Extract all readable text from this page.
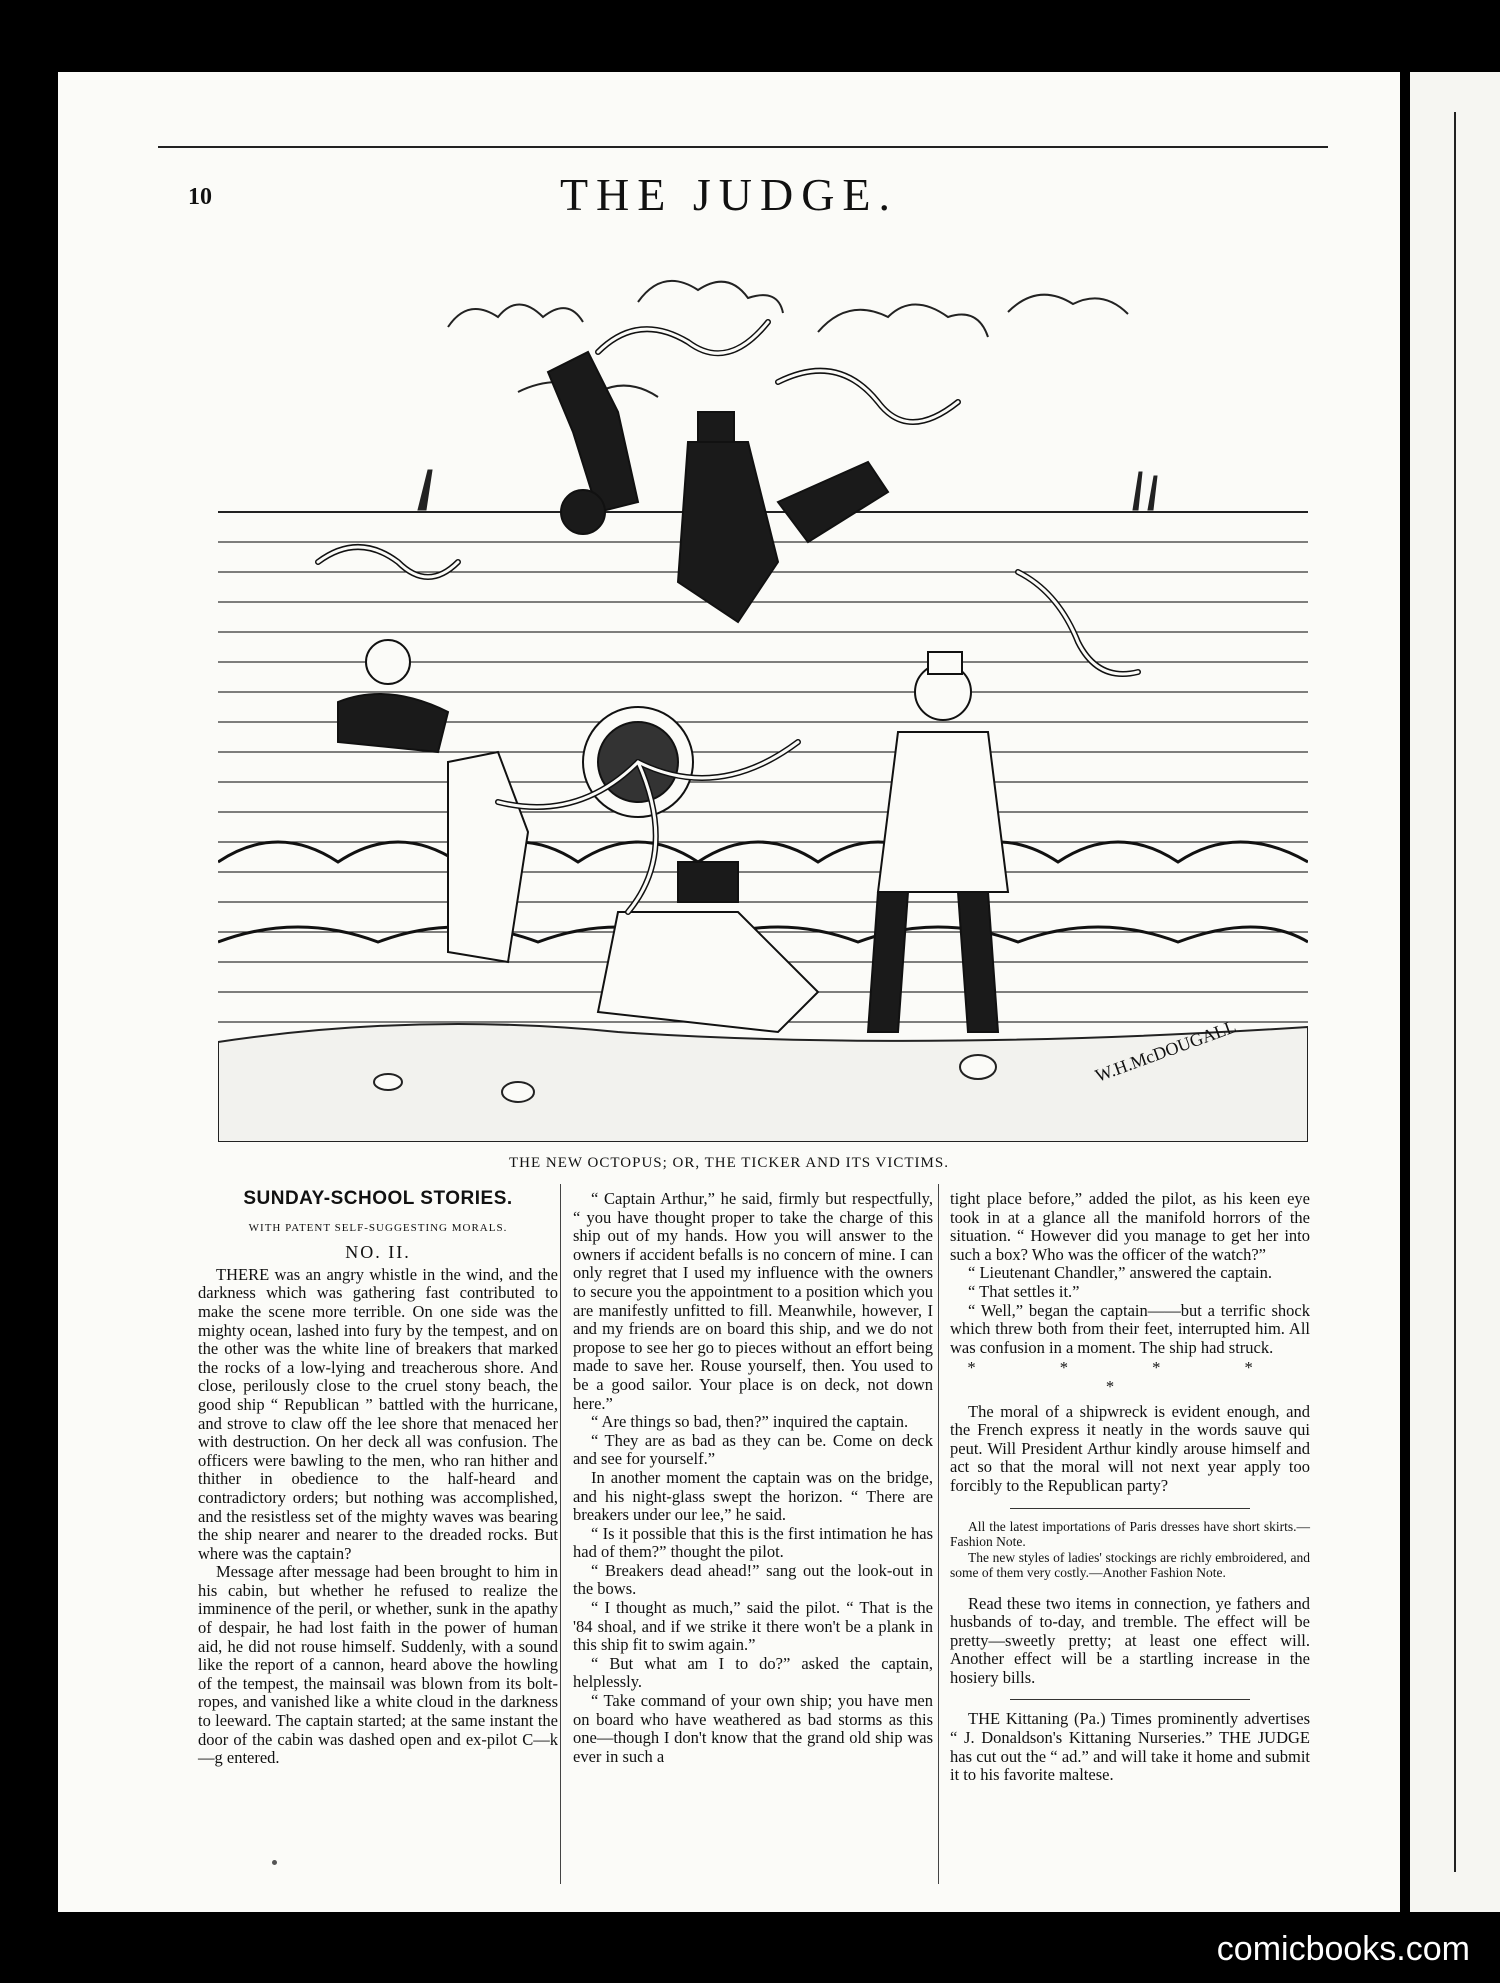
10	THE JUDGE.
W.H.McDOUGALL
THE NEW OCTOPUS; OR, THE TICKER AND ITS VICTIMS.
SUNDAY-SCHOOL STORIES.
WITH PATENT SELF-SUGGESTING MORALS.
NO. II.

THERE was an angry whistle in the wind, and the darkness which was gathering fast contributed to make the scene more terrible. On one side was the mighty ocean, lashed into fury by the tempest, and on the other was the white line of breakers that marked the rocks of a low-lying and treacherous shore. And close, perilously close to the cruel stony beach, the good ship “ Republican ” battled with the hurricane, and strove to claw off the lee shore that menaced her with destruction. On her deck all was confusion. The officers were bawling to the men, who ran hither and thither in obedience to the half-heard and contradictory orders; but nothing was accomplished, and the resistless set of the mighty waves was bearing the ship nearer and nearer to the dreaded rocks. But where was the captain?

Message after message had been brought to him in his cabin, but whether he refused to realize the imminence of the peril, or whether, sunk in the apathy of despair, he had lost faith in the power of human aid, he did not rouse himself. Suddenly, with a sound like the report of a cannon, heard above the howling of the tempest, the mainsail was blown from its bolt-ropes, and vanished like a white cloud in the darkness to leeward. The captain started; at the same instant the door of the cabin was dashed open and ex-pilot C—k—g entered.

“ Captain Arthur,” he said, firmly but respectfully, “ you have thought proper to take the charge of this ship out of my hands. How you will answer to the owners if accident befalls is no concern of mine. I can only regret that I used my influence with the owners to secure you the appointment to a position which you are manifestly unfitted to fill. Meanwhile, however, I and my friends are on board this ship, and we do not propose to see her go to pieces without an effort being made to save her. Rouse yourself, then. You used to be a good sailor. Your place is on deck, not down here.”

“ Are things so bad, then?” inquired the captain.

“ They are as bad as they can be. Come on deck and see for yourself.”

In another moment the captain was on the bridge, and his night-glass swept the horizon. “ There are breakers under our lee,” he said.

“ Is it possible that this is the first intimation he has had of them?” thought the pilot.

“ Breakers dead ahead!” sang out the look-out in the bows.

“ I thought as much,” said the pilot. “ That is the '84 shoal, and if we strike it there won't be a plank in this ship fit to swim again.”

“ But what am I to do?” asked the captain, helplessly.

“ Take command of your own ship; you have men on board who have weathered as bad storms as this one—though I don't know that the grand old ship was ever in such a

tight place before,” added the pilot, as his keen eye took in at a glance all the manifold horrors of the situation. “ However did you manage to get her into such a box? Who was the officer of the watch?”

“ Lieutenant Chandler,” answered the captain.

“ That settles it.”

“ Well,” began the captain——but a terrific shock which threw both from their feet, interrupted him. All was confusion in a moment. The ship had struck.

* * * * *

The moral of a shipwreck is evident enough, and the French express it neatly in the words sauve qui peut. Will President Arthur kindly arouse himself and act so that the moral will not next year apply too forcibly to the Republican party?

All the latest importations of Paris dresses have short skirts.—Fashion Note.

The new styles of ladies' stockings are richly embroidered, and some of them very costly.—Another Fashion Note.

Read these two items in connection, ye fathers and husbands of to-day, and tremble. The effect will be pretty—sweetly pretty; at least one effect will. Another effect will be a startling increase in the hosiery bills.

THE Kittaning (Pa.) Times prominently advertises “ J. Donaldson's Kittaning Nurseries.” THE JUDGE has cut out the “ ad.” and will take it home and submit it to his favorite maltese.

comicbooks.com
